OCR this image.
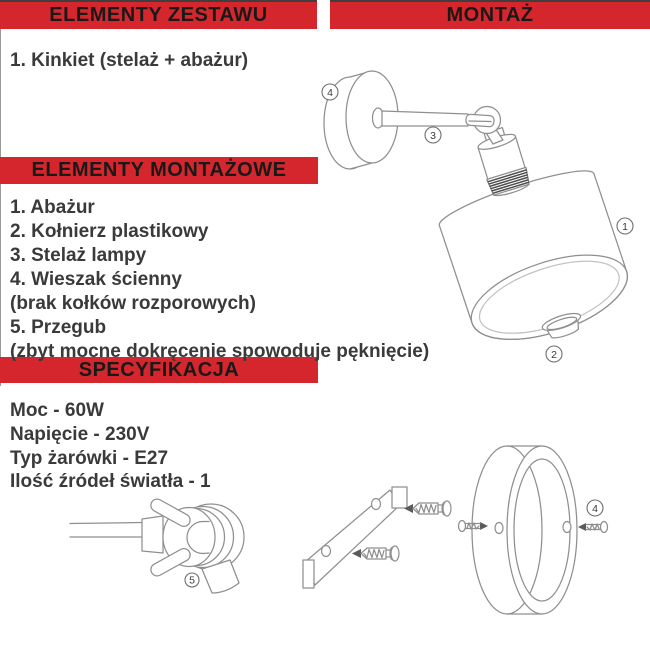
ELEMENTY ZESTAWU	MONTAŻ
ELEMENTY MONTAŻOWE
SPECYFIKACJA
1. Kinkiet (stelaż + abażur)
1. Abażur
2. Kołnierz plastikowy
3. Stelaż lampy
4. Wieszak ścienny
(brak kołków rozporowych)
5. Przegub
(zbyt mocne dokręcenie spowoduje pęknięcie)
Moc - 60W
Napięcie - 230V
Typ żarówki - E27
Ilość źródeł światła - 1
1
2
3
4
5
4
